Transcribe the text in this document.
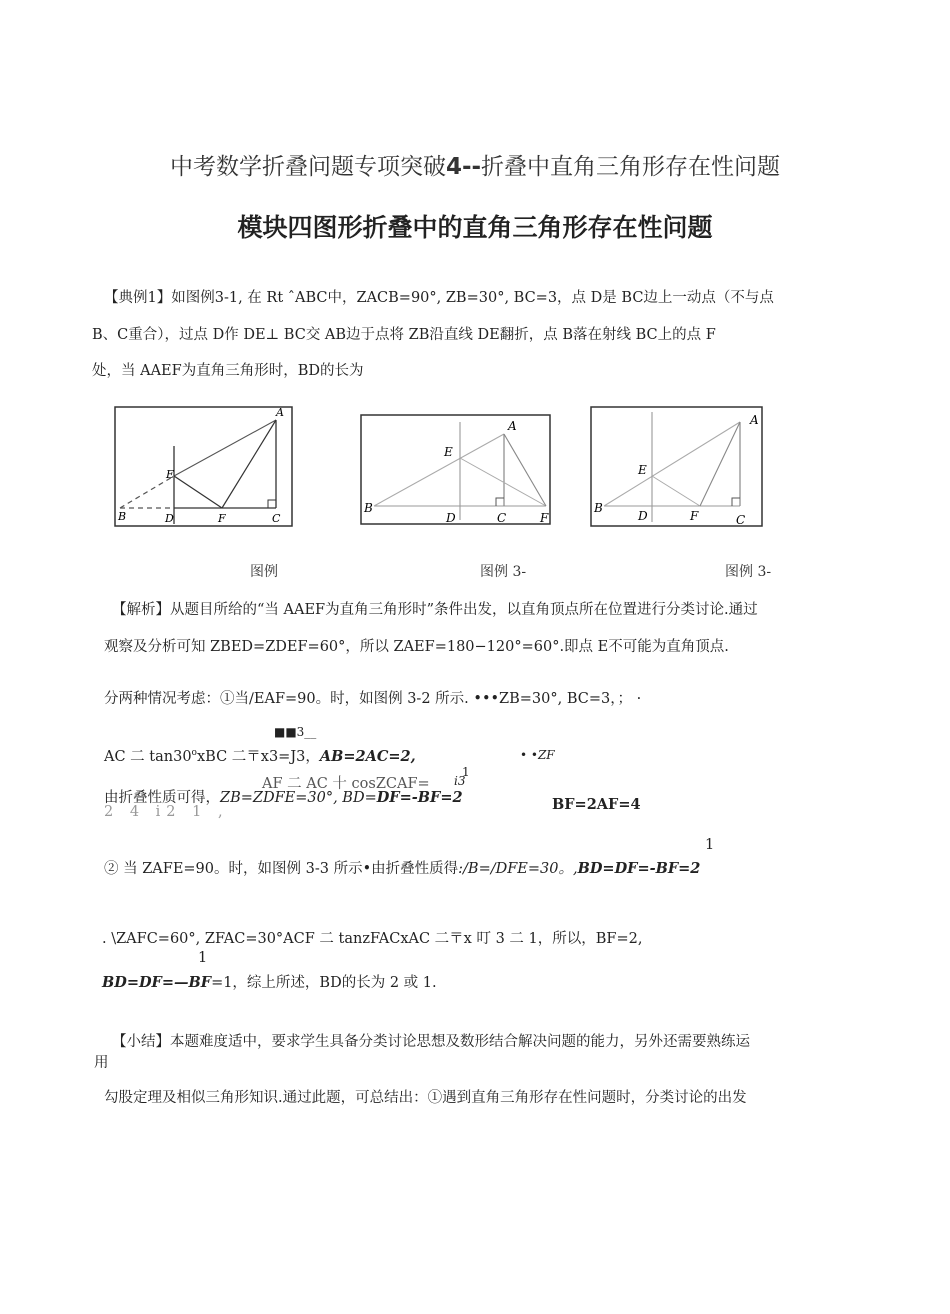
中考数学折叠问题专项突破4--折叠中直角三角形存在性问题
模块四图形折叠中的直角三角形存在性问题
【典例1】如图例3-1, 在 Rt ˆABC中，ZACB=90°, ZB=30°, BC=3，点 D是 BC边上一动点（不与点
B、C重合），过点 D作 DE⊥ BC交 AB边于点将 ZB沿直线 DE翻折，点 B落在射线 BC上的点 F
处，当 AAEF为直角三角形时，BD的长为
A
B	C
D
E
F
A
B
C
D
E
F
A
B
C
D
E
F
图例	图例 3-	图例 3-
【解析】从题目所给的“当 AAEF为直角三角形时”条件出发，以直角顶点所在位置进行分类讨论.通过
观察及分析可知 ZBED=ZDEF=60°，所以 ZAEF=180−120°=60°.即点 E不可能为直角顶点.
分两种情况考虑：①当∕EAF=90。时，如图例 3-2 所示. •••ZB=30°, BC=3，； ·
■■3__
AC 二 tan30$^o$xBC 二〒x3=J3，AB=2AC=2,	• •ZF
AF 二 AC 十 cosZCAF= i3
1
2 4 i2 1 ,
由折叠性质可得，ZB=ZDFE=30°, BD=DF=-BF=2	BF=2AF=4
1
② 当 ZAFE=90。时，如图例 3-3 所示•由折叠性质得:∕B=∕DFE=30。,BD=DF=-BF=2
. \ZAFC=60°, ZFAC=30°ACF 二 tanzFACxAC 二〒x 叮 3 二 1，所以，BF=2,
1
BD=DF=—BF=1，综上所述，BD的长为 2 或 1.
【小结】本题难度适中，要求学生具备分类讨论思想及数形结合解决问题的能力，另外还需要熟练运
用
勾股定理及相似三角形知识.通过此题，可总结出：①遇到直角三角形存在性问题时，分类讨论的出发
